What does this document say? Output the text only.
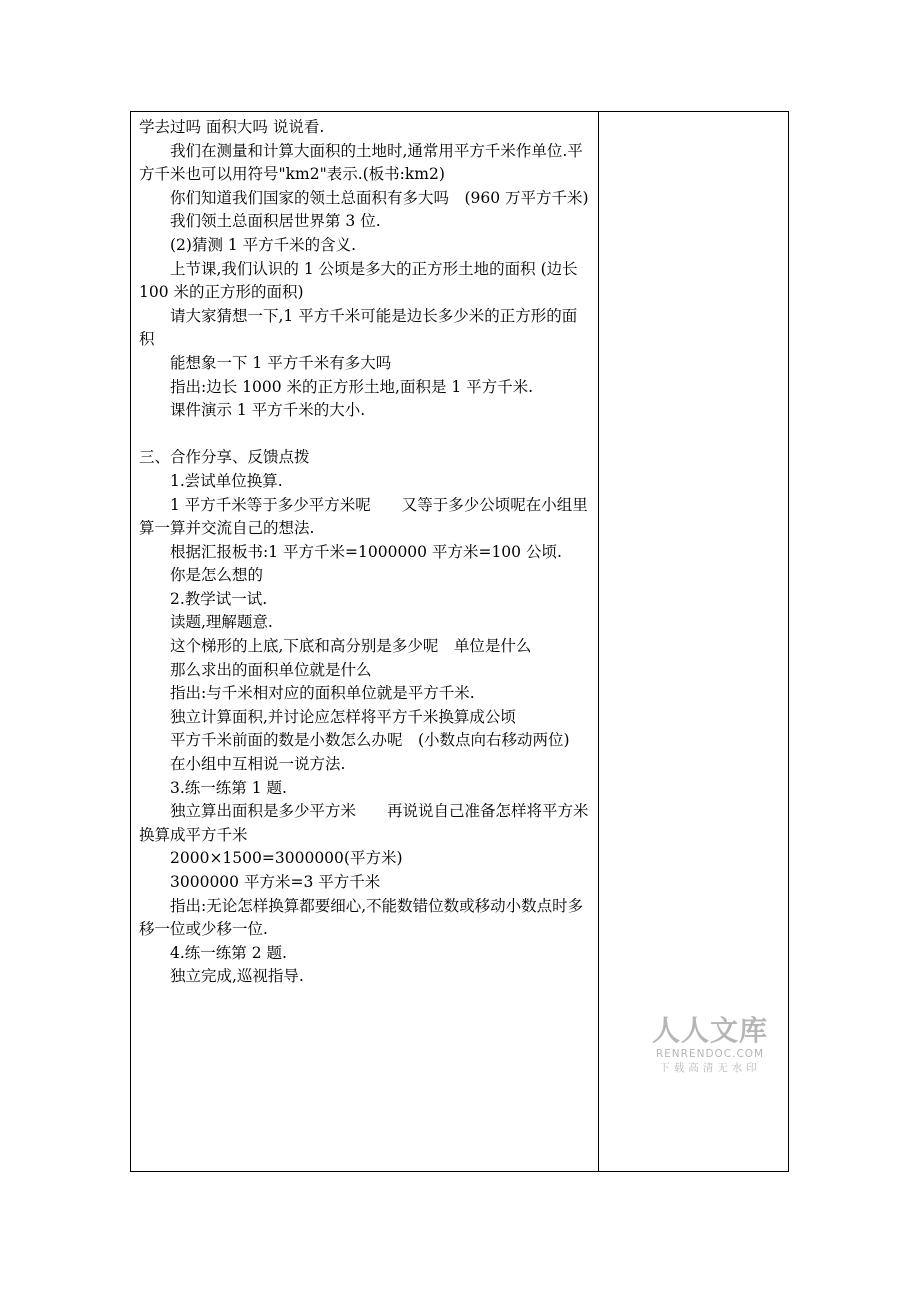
学去过吗 面积大吗 说说看.

我们在测量和计算大面积的土地时,通常用平方千米作单位.平方千米也可以用符号"km2"表示.(板书:km2)

你们知道我们国家的领土总面积有多大吗　(960 万平方千米)

我们领土总面积居世界第 3 位.

(2)猜测 1 平方千米的含义.

上节课,我们认识的 1 公顷是多大的正方形土地的面积 (边长 100 米的正方形的面积)

请大家猜想一下,1 平方千米可能是边长多少米的正方形的面积

能想象一下 1 平方千米有多大吗

指出:边长 1000 米的正方形土地,面积是 1 平方千米.

课件演示 1 平方千米的大小.

三、合作分享、反馈点拨

1.尝试单位换算.

1 平方千米等于多少平方米呢　　又等于多少公顷呢在小组里算一算并交流自己的想法.

根据汇报板书:1 平方千米=1000000 平方米=100 公顷.

你是怎么想的

2.教学试一试.

读题,理解题意.

这个梯形的上底,下底和高分别是多少呢　单位是什么

那么求出的面积单位就是什么

指出:与千米相对应的面积单位就是平方千米.

独立计算面积,并讨论应怎样将平方千米换算成公顷

平方千米前面的数是小数怎么办呢　(小数点向右移动两位)

在小组中互相说一说方法.

3.练一练第 1 题.

独立算出面积是多少平方米　　再说说自己准备怎样将平方米换算成平方千米

2000×1500=3000000(平方米)

3000000 平方米=3 平方千米

指出:无论怎样换算都要细心,不能数错位数或移动小数点时多移一位或少移一位.

4.练一练第 2 题.

独立完成,巡视指导.

人人文库
RENRENDOC.COM
下载高清无水印
